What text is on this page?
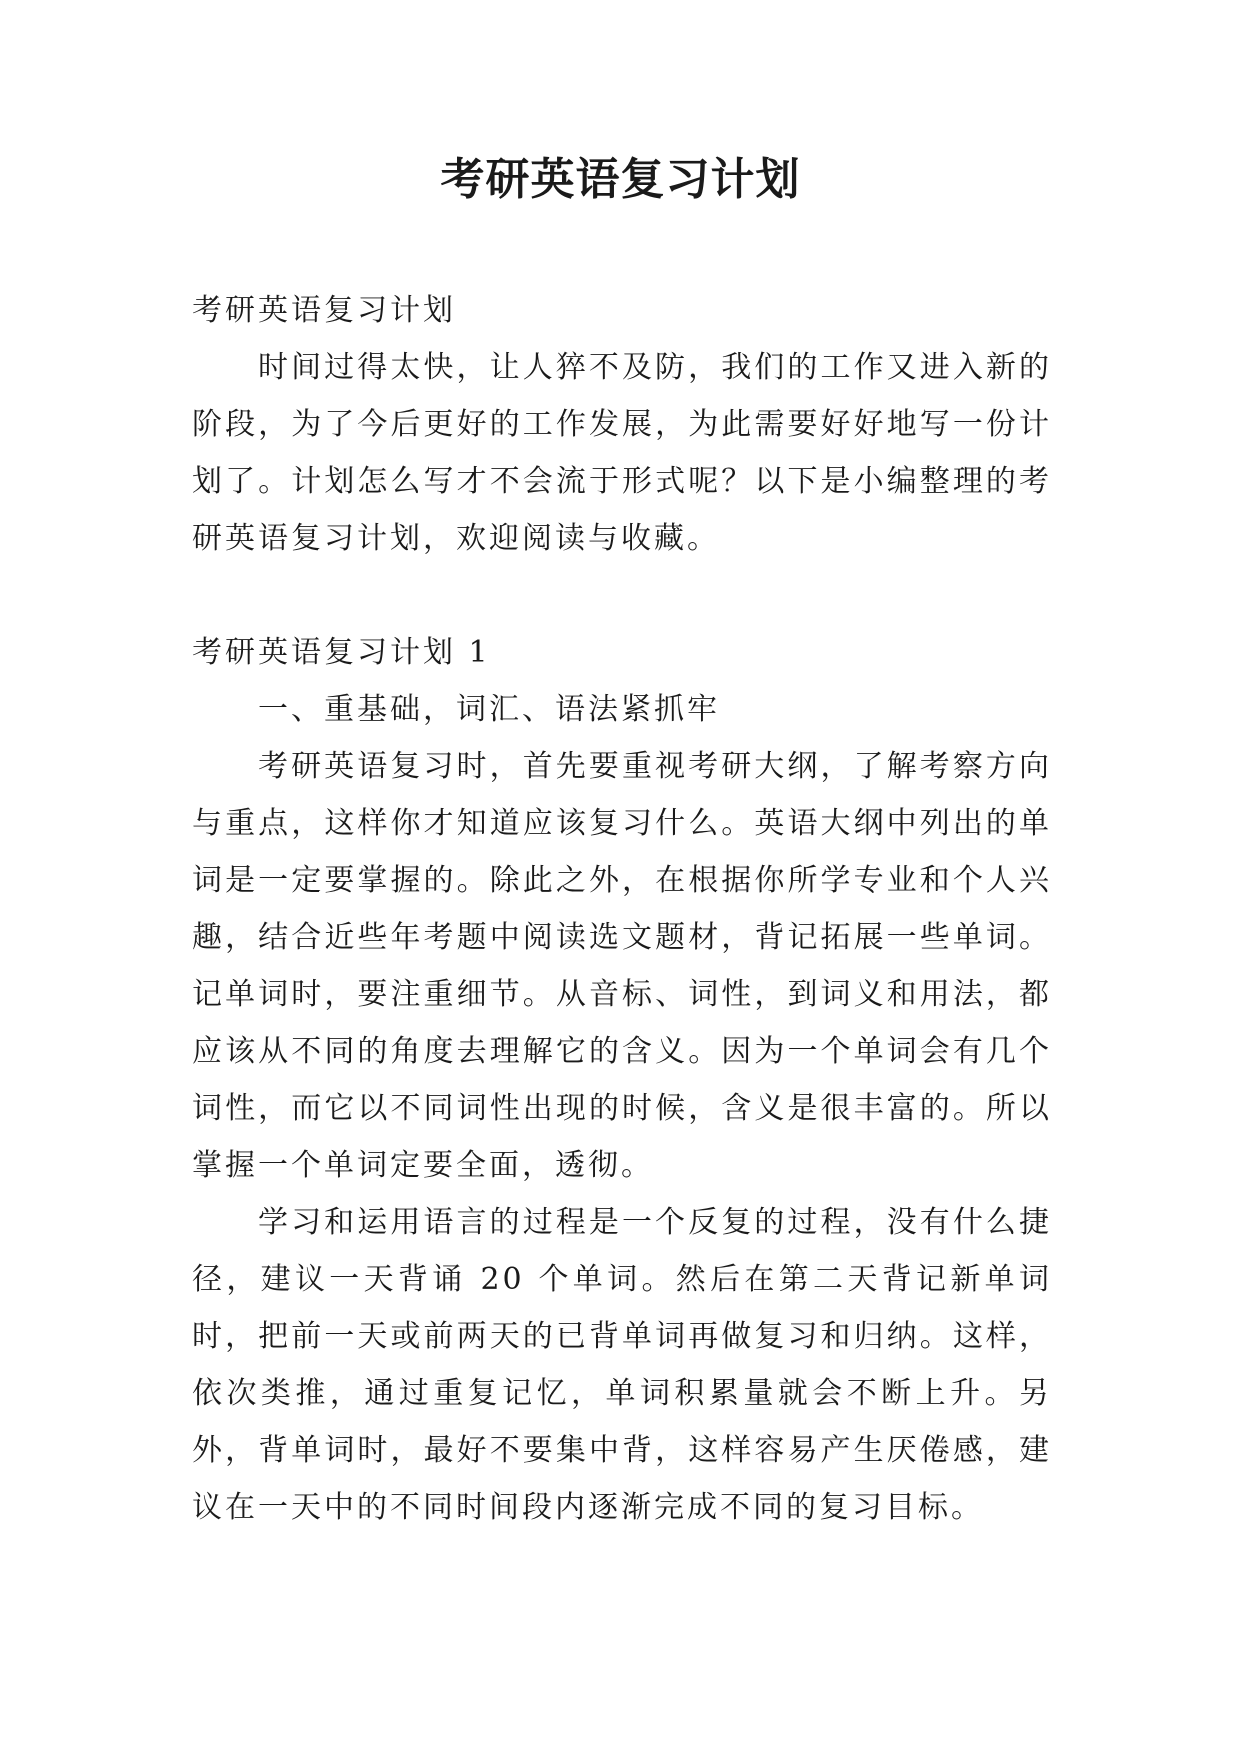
考研英语复习计划

考研英语复习计划

时间过得太快，让人猝不及防，我们的工作又进入新的阶段，为了今后更好的工作发展，为此需要好好地写一份计划了。计划怎么写才不会流于形式呢？以下是小编整理的考研英语复习计划，欢迎阅读与收藏。

考研英语复习计划 1

一、重基础，词汇、语法紧抓牢

考研英语复习时，首先要重视考研大纲，了解考察方向与重点，这样你才知道应该复习什么。英语大纲中列出的单词是一定要掌握的。除此之外，在根据你所学专业和个人兴趣，结合近些年考题中阅读选文题材，背记拓展一些单词。记单词时，要注重细节。从音标、词性，到词义和用法，都应该从不同的角度去理解它的含义。因为一个单词会有几个词性，而它以不同词性出现的时候，含义是很丰富的。所以掌握一个单词定要全面，透彻。

学习和运用语言的过程是一个反复的过程，没有什么捷径，建议一天背诵 20 个单词。然后在第二天背记新单词时，把前一天或前两天的已背单词再做复习和归纳。这样，依次类推，通过重复记忆，单词积累量就会不断上升。另外，背单词时，最好不要集中背，这样容易产生厌倦感，建议在一天中的不同时间段内逐渐完成不同的复习目标。
